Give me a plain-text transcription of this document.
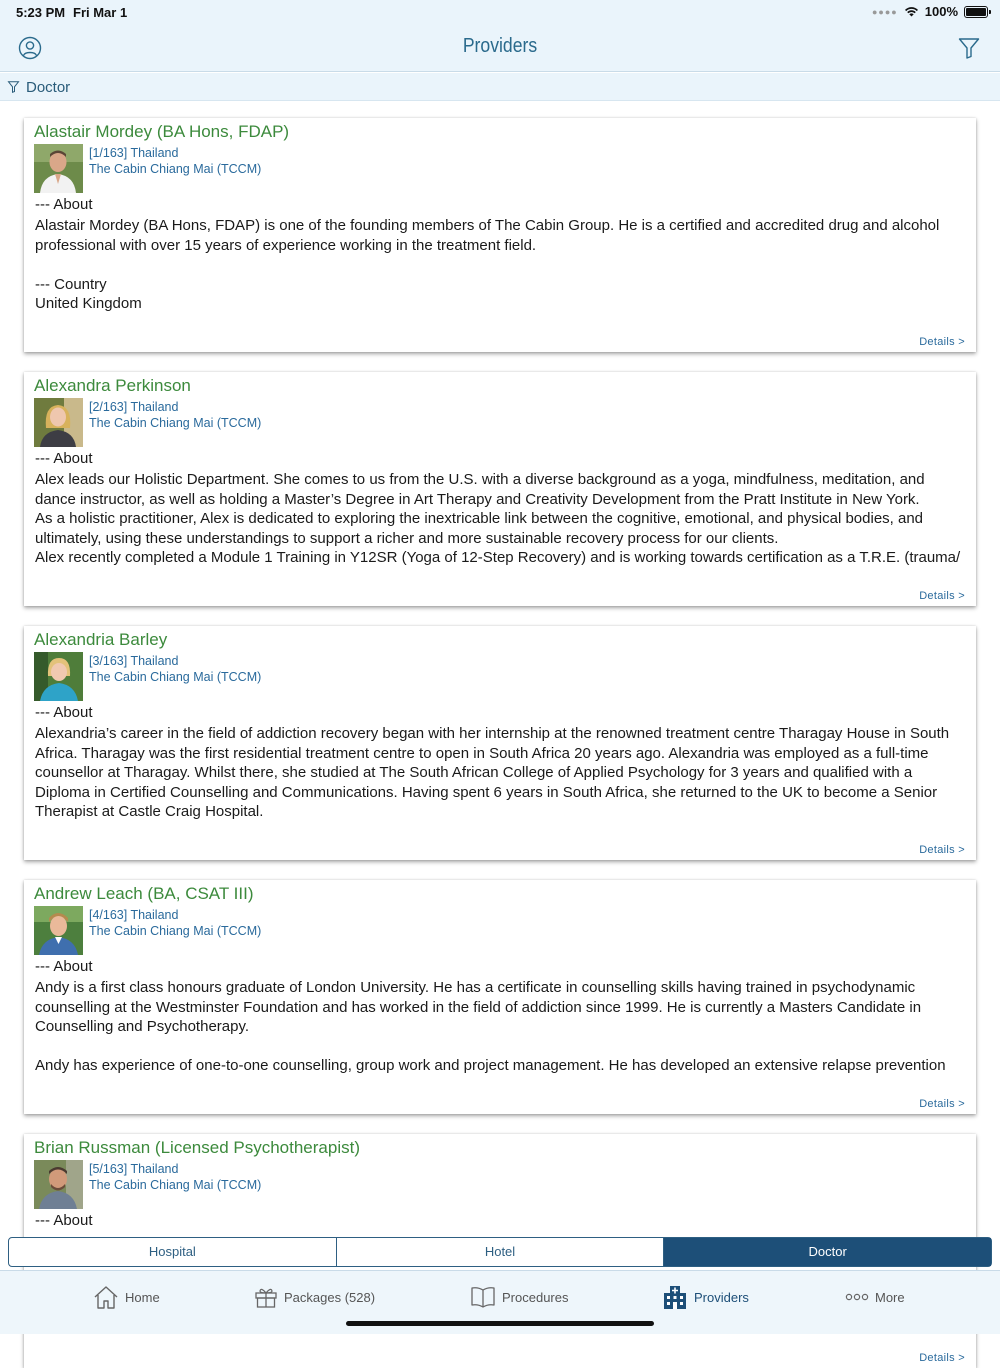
5:23 PM Fri Mar 1	●●●● 100%
Providers
Doctor
Alastair Mordey (BA Hons, FDAP)
[1/163] Thailand
The Cabin Chiang Mai (TCCM)
--- About
Alastair Mordey (BA Hons, FDAP) is one of the founding members of The Cabin Group. He is a certified and accredited drug and alcohol professional with over 15 years of experience working in the treatment field.

--- Country
United Kingdom
Details >
Alexandra Perkinson
[2/163] Thailand
The Cabin Chiang Mai (TCCM)
--- About
Alex leads our Holistic Department. She comes to us from the U.S. with a diverse background as a yoga, mindfulness, meditation, and dance instructor, as well as holding a Master’s Degree in Art Therapy and Creativity Development from the Pratt Institute in New York.
As a holistic practitioner, Alex is dedicated to exploring the inextricable link between the cognitive, emotional, and physical bodies, and ultimately, using these understandings to support a richer and more sustainable recovery process for our clients.
Alex recently completed a Module 1 Training in Y12SR (Yoga of 12-Step Recovery) and is working towards certification as a T.R.E. (trauma/
Details >
Alexandria Barley
[3/163] Thailand
The Cabin Chiang Mai (TCCM)
--- About
Alexandria’s career in the field of addiction recovery began with her internship at the renowned treatment centre Tharagay House in South Africa. Tharagay was the first residential treatment centre to open in South Africa 20 years ago. Alexandria was employed as a full-time counsellor at Tharagay. Whilst there, she studied at The South African College of Applied Psychology for 3 years and qualified with a Diploma in Certified Counselling and Communications. Having spent 6 years in South Africa, she returned to the UK to become a Senior Therapist at Castle Craig Hospital.
Details >
Andrew Leach (BA, CSAT III)
[4/163] Thailand
The Cabin Chiang Mai (TCCM)
--- About
Andy is a first class honours graduate of London University. He has a certificate in counselling skills having trained in psychodynamic counselling at the Westminster Foundation and has worked in the field of addiction since 1999. He is currently a Masters Candidate in Counselling and Psychotherapy.

Andy has experience of one-to-one counselling, group work and project management. He has developed an extensive relapse prevention
Details >
Brian Russman (Licensed Psychotherapist)
[5/163] Thailand
The Cabin Chiang Mai (TCCM)
--- About
Details >
Hospital	Hotel	Doctor
Home	Packages (528)	Procedures	Providers	More
